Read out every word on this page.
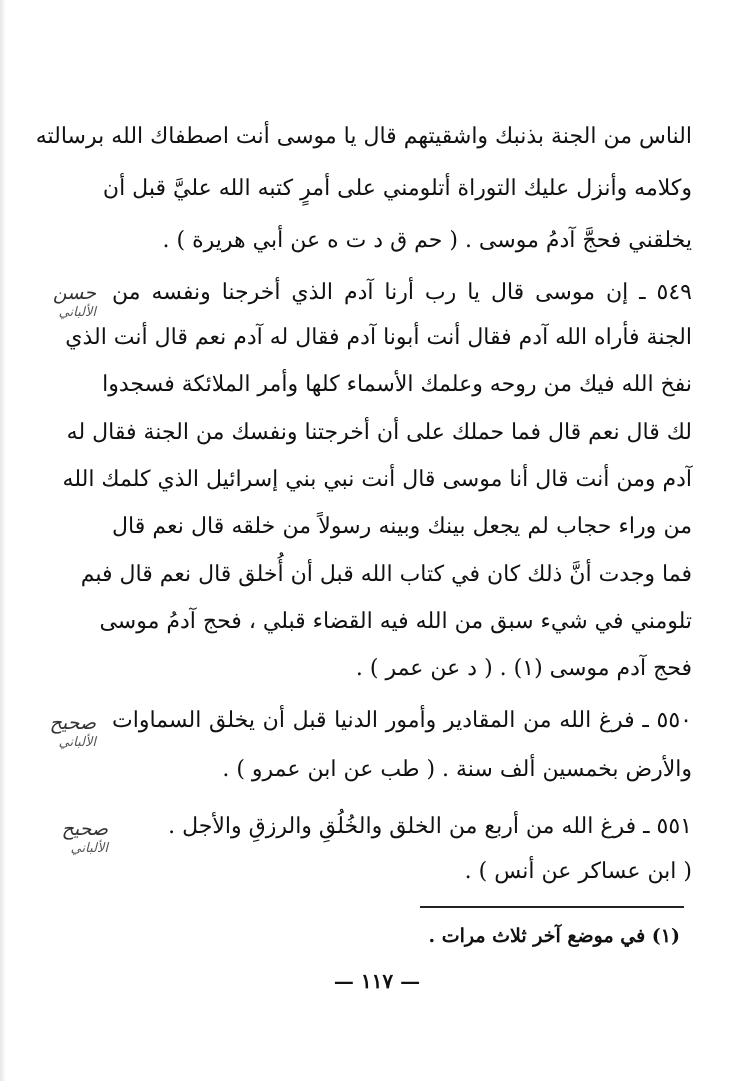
الناس من الجنة بذنبك واشقيتهم قال يا موسى أنت اصطفاك الله برسالته
وكلامه وأنزل عليك التوراة أتلومني على أمرٍ كتبه الله عليَّ قبل أن
يخلقني فحجَّ آدمُ موسى . ( حم ق د ت ه عن أبي هريرة ) .
٥٤٩ ـ إن موسى قال يا رب أرنا آدم الذي أخرجنا ونفسه من
الجنة فأراه الله آدم فقال أنت أبونا آدم فقال له آدم نعم قال أنت الذي
نفخ الله فيك من روحه وعلمك الأسماء كلها وأمر الملائكة فسجدوا
لك قال نعم قال فما حملك على أن أخرجتنا ونفسك من الجنة فقال له
آدم ومن أنت قال أنا موسى قال أنت نبي بني إسرائيل الذي كلمك الله
من وراء حجاب لم يجعل بينك وبينه رسولاً من خلقه قال نعم قال
فما وجدت أنَّ ذلك كان في كتاب الله قبل أن أُخلق قال نعم قال فبم
تلومني في شيء سبق من الله فيه القضاء قبلي ، فحج آدمُ موسى
فحج آدم موسى (١) . ( د عن عمر ) .
٥٥٠ ـ فرغ الله من المقادير وأمور الدنيا قبل أن يخلق السماوات
والأرض بخمسين ألف سنة . ( طب عن ابن عمرو ) .
٥٥١ ـ فرغ الله من أربع من الخلق والخُلُقِ والرزقِ والأجل .
( ابن عساكر عن أنس ) .
حسن
الألباني
صحيح
الألباني
صحيح
الألباني
(١) في موضع آخر ثلاث مرات .
— ١١٧ —
